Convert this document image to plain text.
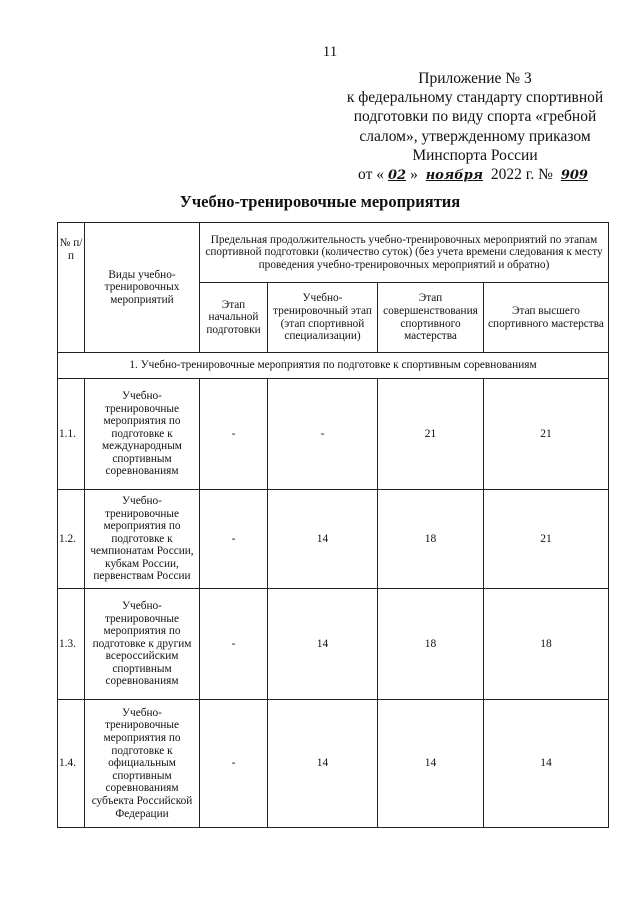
11
Приложение № 3
к федеральному стандарту спортивной
подготовки по виду спорта «гребной
слалом», утвержденному приказом
Минспорта России
от « 02 » ноября 2022 г. № 909
Учебно-тренировочные мероприятия
№ п/п	Виды учебно-тренировочных мероприятий	Предельная продолжительность учебно-тренировочных мероприятий по этапам спортивной подготовки (количество суток) (без учета времени следования к месту проведения учебно-тренировочных мероприятий и обратно)			
		Этап начальной подготовки	Учебно-тренировочный этап (этап спортивной специализации)	Этап совершенствования спортивного мастерства	Этап высшего спортивного мастерства
1. Учебно-тренировочные мероприятия по подготовке к спортивным соревнованиям					
1.1.	Учебно-тренировочные мероприятия по подготовке к международным спортивным соревнованиям	-	-	21	21
1.2.	Учебно-тренировочные мероприятия по подготовке к чемпионатам России, кубкам России, первенствам России	-	14	18	21
1.3.	Учебно-тренировочные мероприятия по подготовке к другим всероссийским спортивным соревнованиям	-	14	18	18
1.4.	Учебно-тренировочные мероприятия по подготовке к официальным спортивным соревнованиям субъекта Российской Федерации	-	14	14	14
